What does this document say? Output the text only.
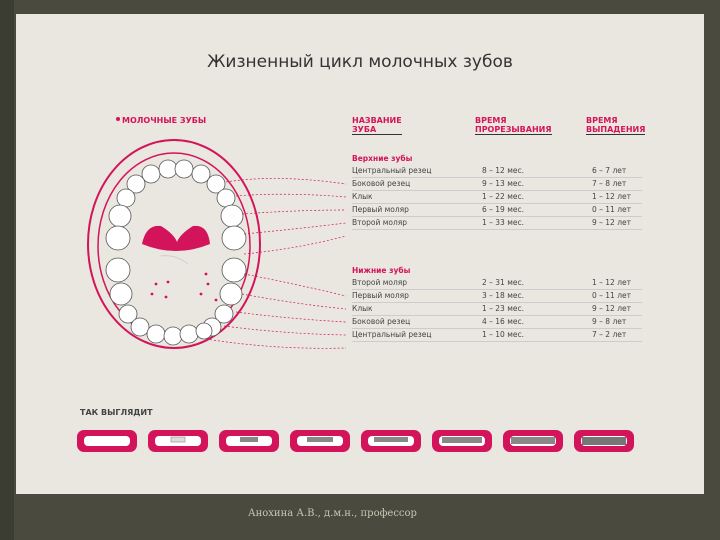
Жизненный цикл молочных зубов
МОЛОЧНЫЕ ЗУБЫ	НАЗВАНИЕ
ЗУБА
ВРЕМЯ
ПРОРЕЗЫВАНИЯ
ВРЕМЯ
ВЫПАДЕНИЯ
Верхние зубы
Центральный резец	8 – 12 мес.	6 – 7 лет
Боковой резец	9 – 13 мес.	7 – 8 лет
Клык	1 – 22 мес.	1 – 12 лет
Первый моляр	6 – 19 мес.	0 – 11 лет
Второй моляр	1 – 33 мес.	9 – 12 лет
Нижние зубы
Второй моляр	2 – 31 мес.	1 – 12 лет
Первый моляр	3 – 18 мес.	0 – 11 лет
Клык	1 – 23 мес.	9 – 12 лет
Боковой резец	4 – 16 мес.	9 – 8 лет
Центральный резец	1 – 10 мес.	7 – 2 лет
ТАК ВЫГЛЯДИТ
Анохина А.В., д.м.н., профессор
